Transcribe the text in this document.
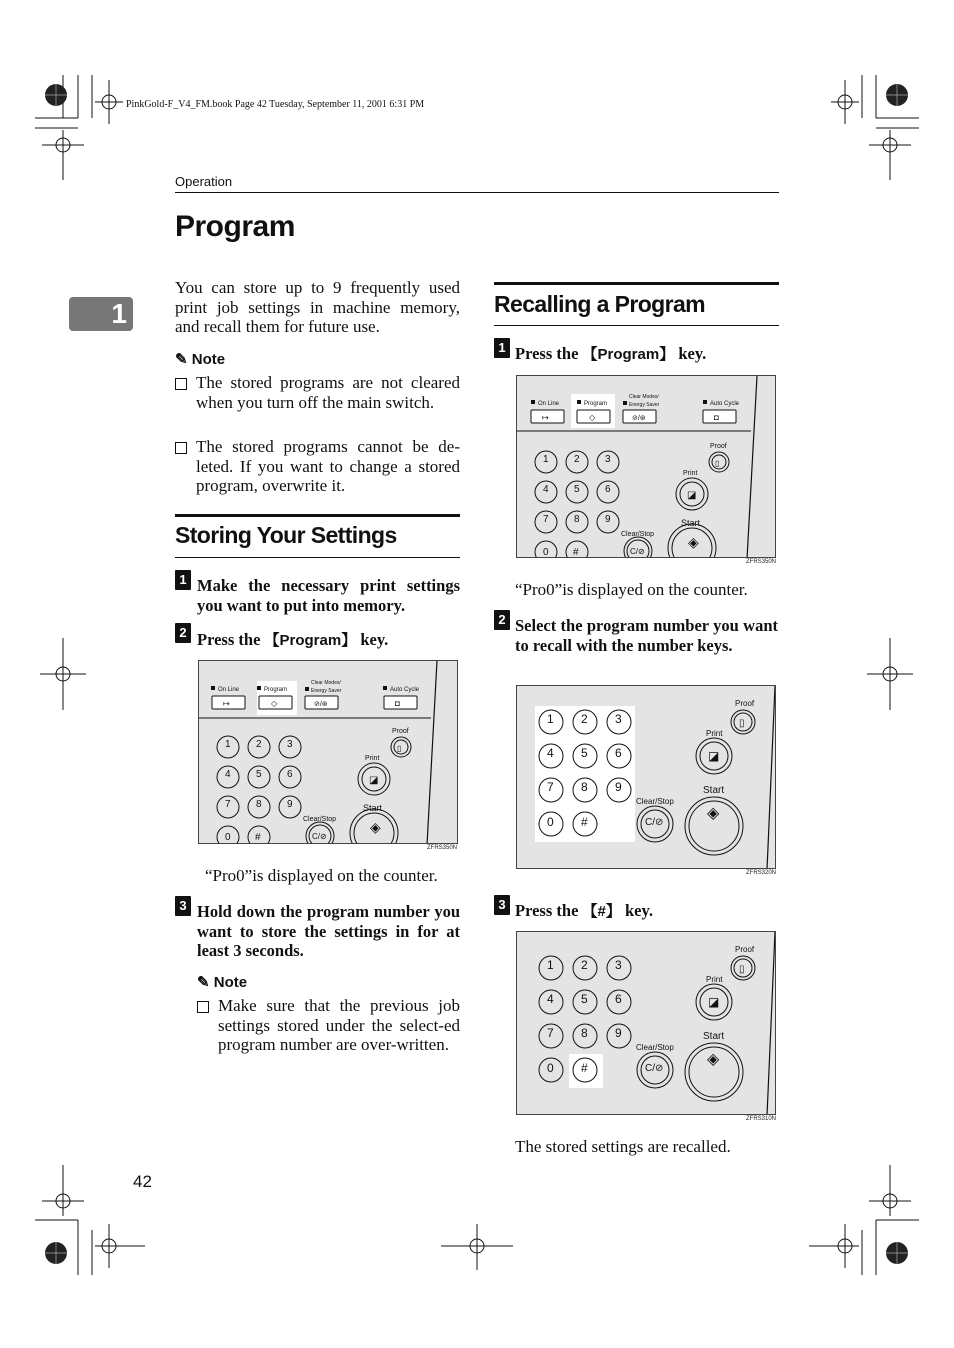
PinkGold-F_V4_FM.book Page 42 Tuesday, September 11, 2001 6:31 PM
Operation
Program
1
You can store up to 9 frequently used print job settings in machine memory, and recall them for future use.
✎ Note
The stored programs are not cleared when you turn off the main switch.
The stored programs cannot be de-leted. If you want to change a stored program, overwrite it.
Storing Your Settings
1 Make the necessary print settings you want to put into memory.
2 Press the 【Program】 key.
On Line	Program
Clear Modes/
Energy Saver	Auto Cycle
↦	◇	⊘/⊛	◘
1	2	3
4	5	6
7	8	9
0 #	C/⊘
Clear/Stop
Start
Print
Proof
◈
◪
▯
ZFRS350N
“Pro0”is displayed on the counter.
3 Hold down the program number you want to store the settings in for at least 3 seconds.
✎ Note
Make sure that the previous job settings stored under the select-ed program number are over-written.
Recalling a Program
1 Press the 【Program】 key.
On Line	Program
Clear Modes/
Energy Saver	Auto Cycle
↦	◇	⊘/⊛	◘
1	2	3
4	5	6
7	8	9
0 #	C/⊘
Clear/Stop
Start
Print
Proof
◈
◪
▯
ZFRS350N
“Pro0”is displayed on the counter.
2 Select the program number you want to recall with the number keys.
1 2 3
4 5 6
7 8 9
0 #	C/⊘
Clear/Stop
Start
Print
Proof
◈
◪
▯
ZFRS320N
3 Press the 【#】 key.
1 2 3
4 5 6
7 8 9
0 #	C/⊘
Clear/Stop
Start
Print
Proof
◈
◪
▯
ZFRS310N
The stored settings are recalled.
42
